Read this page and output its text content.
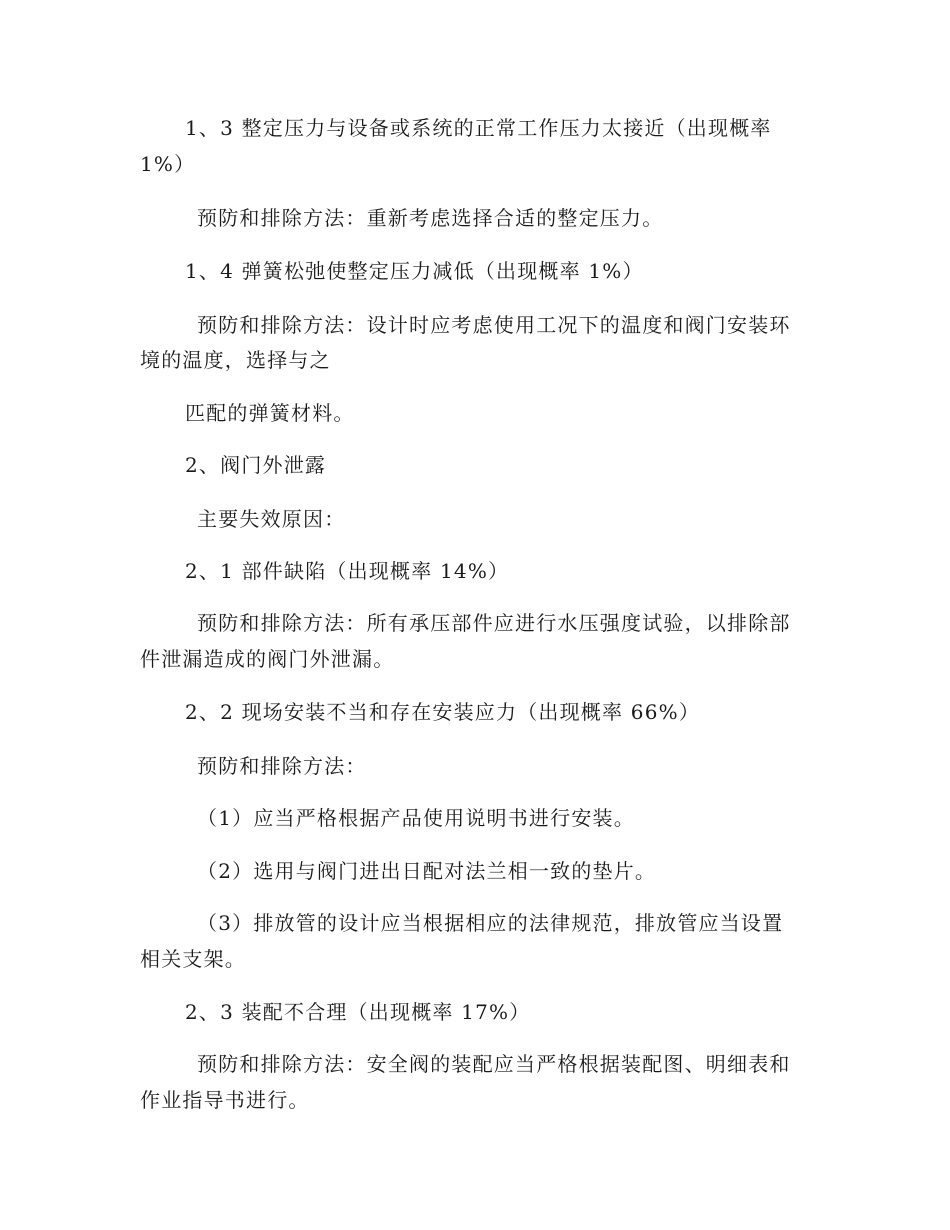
1、3 整定压力与设备或系统的正常工作压力太接近（出现概率
1%）
预防和排除方法：重新考虑选择合适的整定压力。
1、4 弹簧松弛使整定压力减低（出现概率 1%）
预防和排除方法：设计时应考虑使用工况下的温度和阀门安装环
境的温度，选择与之
匹配的弹簧材料。
2、阀门外泄露
主要失效原因：
2、1 部件缺陷（出现概率 14%）
预防和排除方法：所有承压部件应进行水压强度试验，以排除部
件泄漏造成的阀门外泄漏。
2、2 现场安装不当和存在安装应力（出现概率 66%）
预防和排除方法：
（1）应当严格根据产品使用说明书进行安装。
（2）选用与阀门进出日配对法兰相一致的垫片。
（3）排放管的设计应当根据相应的法律规范，排放管应当设置
相关支架。
2、3 装配不合理（出现概率 17%）
预防和排除方法：安全阀的装配应当严格根据装配图、明细表和
作业指导书进行。
